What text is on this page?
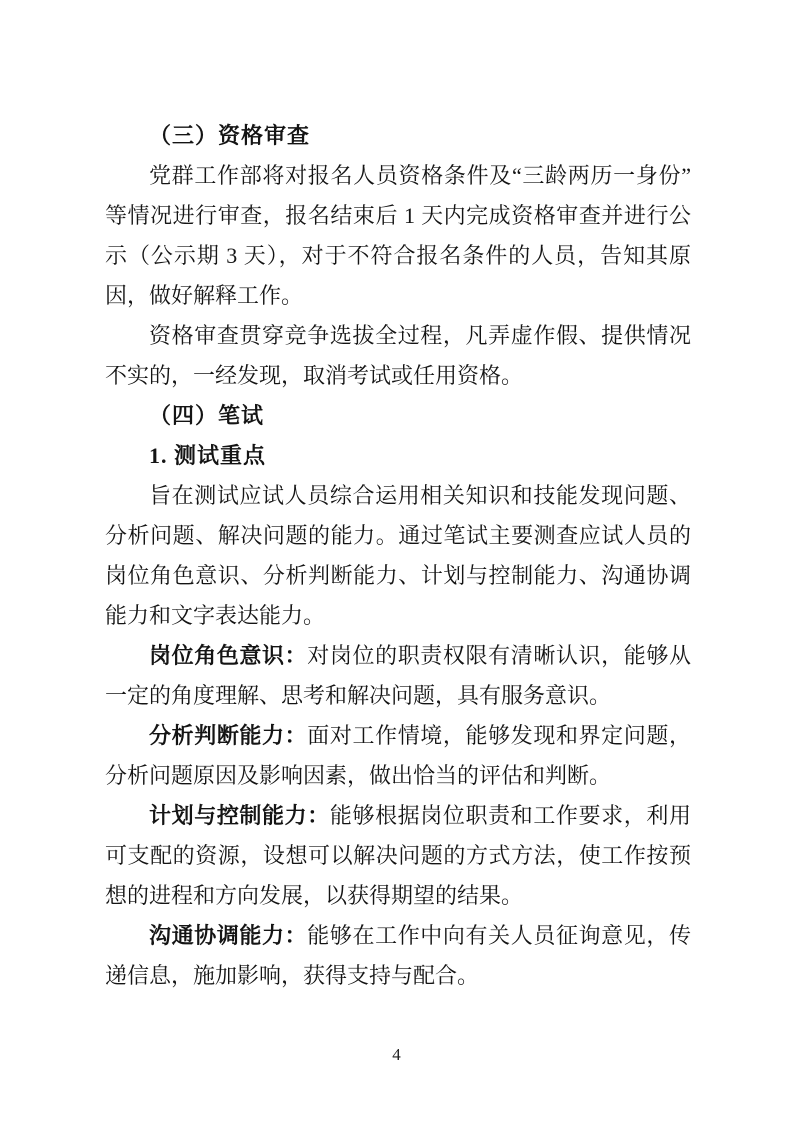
（三）资格审查

党群工作部将对报名人员资格条件及“三龄两历一身份”等情况进行审查，报名结束后 1 天内完成资格审查并进行公示（公示期 3 天），对于不符合报名条件的人员，告知其原因，做好解释工作。

资格审查贯穿竞争选拔全过程，凡弄虚作假、提供情况不实的，一经发现，取消考试或任用资格。

（四）笔试
1. 测试重点

旨在测试应试人员综合运用相关知识和技能发现问题、分析问题、解决问题的能力。通过笔试主要测查应试人员的岗位角色意识、分析判断能力、计划与控制能力、沟通协调能力和文字表达能力。

岗位角色意识：对岗位的职责权限有清晰认识，能够从一定的角度理解、思考和解决问题，具有服务意识。

分析判断能力：面对工作情境，能够发现和界定问题，分析问题原因及影响因素，做出恰当的评估和判断。

计划与控制能力：能够根据岗位职责和工作要求，利用可支配的资源，设想可以解决问题的方式方法，使工作按预想的进程和方向发展，以获得期望的结果。

沟通协调能力：能够在工作中向有关人员征询意见，传递信息，施加影响，获得支持与配合。

4
